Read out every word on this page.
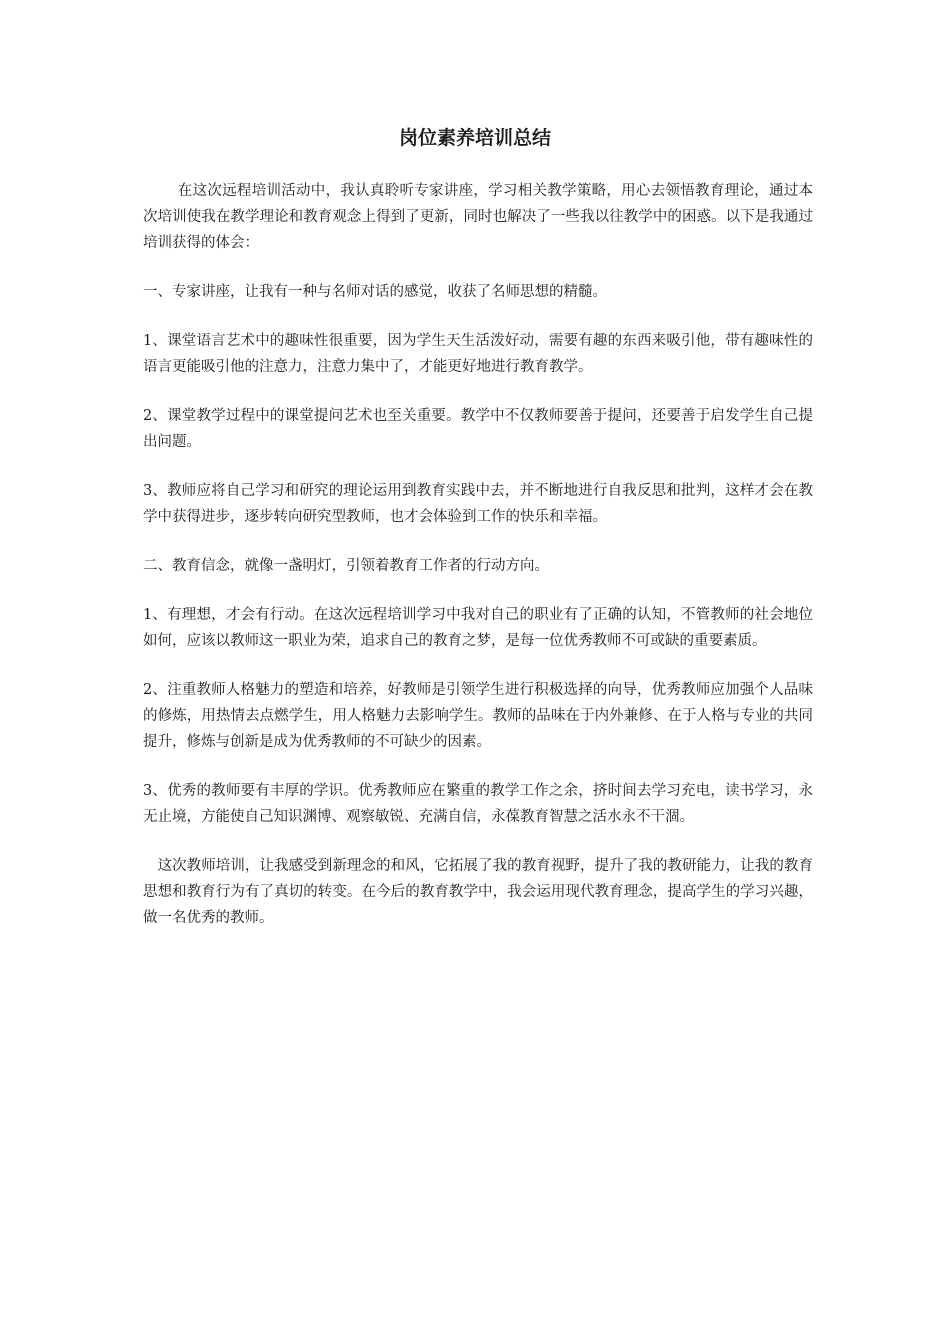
岗位素养培训总结

在这次远程培训活动中，我认真聆听专家讲座，学习相关教学策略，用心去领悟教育理论，通过本次培训使我在教学理论和教育观念上得到了更新，同时也解决了一些我以往教学中的困惑。以下是我通过培训获得的体会：

一、专家讲座，让我有一种与名师对话的感觉，收获了名师思想的精髓。

1、课堂语言艺术中的趣味性很重要，因为学生天生活泼好动，需要有趣的东西来吸引他，带有趣味性的语言更能吸引他的注意力，注意力集中了，才能更好地进行教育教学。

2、课堂教学过程中的课堂提问艺术也至关重要。教学中不仅教师要善于提问，还要善于启发学生自己提出问题。

3、教师应将自己学习和研究的理论运用到教育实践中去，并不断地进行自我反思和批判，这样才会在教学中获得进步，逐步转向研究型教师，也才会体验到工作的快乐和幸福。

二、教育信念，就像一盏明灯，引领着教育工作者的行动方向。

1、有理想，才会有行动。在这次远程培训学习中我对自己的职业有了正确的认知，不管教师的社会地位如何，应该以教师这一职业为荣，追求自己的教育之梦，是每一位优秀教师不可或缺的重要素质。

2、注重教师人格魅力的塑造和培养，好教师是引领学生进行积极选择的向导，优秀教师应加强个人品味的修炼，用热情去点燃学生，用人格魅力去影响学生。教师的品味在于内外兼修、在于人格与专业的共同提升，修炼与创新是成为优秀教师的不可缺少的因素。

3、优秀的教师要有丰厚的学识。优秀教师应在繁重的教学工作之余，挤时间去学习充电，读书学习，永无止境，方能使自己知识渊博、观察敏锐、充满自信，永葆教育智慧之活水永不干涸。

这次教师培训，让我感受到新理念的和风，它拓展了我的教育视野，提升了我的教研能力，让我的教育思想和教育行为有了真切的转变。在今后的教育教学中，我会运用现代教育理念，提高学生的学习兴趣，做一名优秀的教师。
